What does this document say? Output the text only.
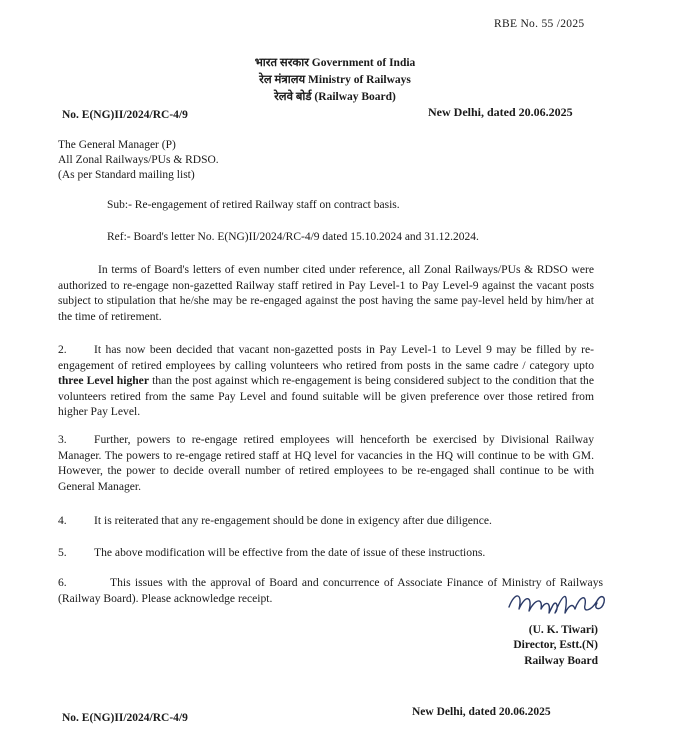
RBE No. 55 /2025
भारत सरकार Government of India
रेल मंत्रालय Ministry of Railways
रेलवे बोर्ड (Railway Board)
No. E(NG)II/2024/RC-4/9	New Delhi, dated 20.06.2025
The General Manager (P)
All Zonal Railways/PUs & RDSO.
(As per Standard mailing list)
Sub:- Re-engagement of retired Railway staff on contract basis.
Ref:- Board's letter No. E(NG)II/2024/RC-4/9 dated 15.10.2024 and 31.12.2024.
In terms of Board's letters of even number cited under reference, all Zonal Railways/PUs & RDSO were authorized to re-engage non-gazetted Railway staff retired in Pay Level-1 to Pay Level-9 against the vacant posts subject to stipulation that he/she may be re-engaged against the post having the same pay-level held by him/her at the time of retirement.
2. It has now been decided that vacant non-gazetted posts in Pay Level-1 to Level 9 may be filled by re-engagement of retired employees by calling volunteers who retired from posts in the same cadre / category upto three Level higher than the post against which re-engagement is being considered subject to the condition that the volunteers retired from the same Pay Level and found suitable will be given preference over those retired from higher Pay Level.
3. Further, powers to re-engage retired employees will henceforth be exercised by Divisional Railway Manager. The powers to re-engage retired staff at HQ level for vacancies in the HQ will continue to be with GM. However, the power to decide overall number of retired employees to be re-engaged shall continue to be with General Manager.
4. It is reiterated that any re-engagement should be done in exigency after due diligence.
5. The above modification will be effective from the date of issue of these instructions.
6.	This issues with the approval of Board and concurrence of Associate Finance of Ministry of Railways (Railway Board). Please acknowledge receipt.
(U. K. Tiwari)
Director, Estt.(N)
Railway Board
No. E(NG)II/2024/RC-4/9	New Delhi, dated 20.06.2025
